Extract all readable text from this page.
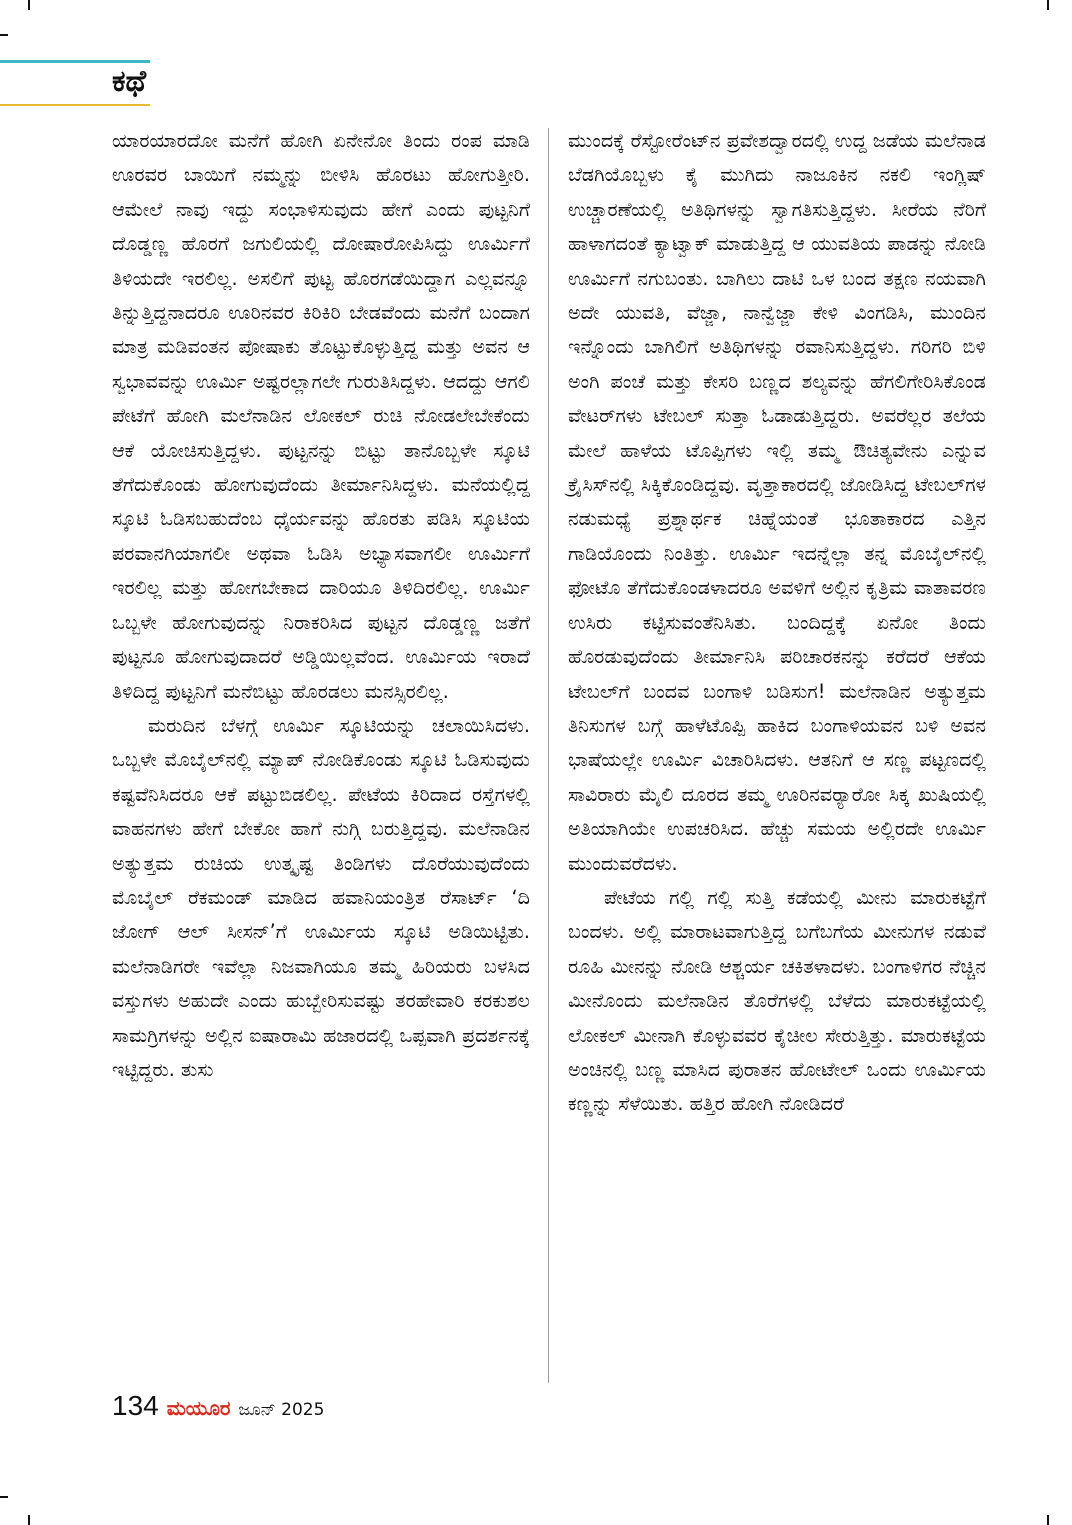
ಕಥೆ

ಯಾರಯಾರದೋ ಮನೆಗೆ ಹೋಗಿ ಏನೇನೋ ತಿಂದು ರಂಪ ಮಾಡಿ ಊರವರ ಬಾಯಿಗೆ ನಮ್ಮನ್ನು ಬೀಳಿಸಿ ಹೊರಟು ಹೋಗುತ್ತೀರಿ. ಆಮೇಲೆ ನಾವು ಇದ್ದು ಸಂಭಾಳಿಸುವುದು ಹೇಗೆ ಎಂದು ಪುಟ್ಟನಿಗೆ ದೊಡ್ಡಣ್ಣ ಹೊರಗೆ ಜಗುಲಿಯಲ್ಲಿ ದೋಷಾರೋಪಿಸಿದ್ದು ಊರ್ಮಿಗೆ ತಿಳಿಯದೇ ಇರಲಿಲ್ಲ. ಅಸಲಿಗೆ ಪುಟ್ಟ ಹೊರಗಡೆಯಿದ್ದಾಗ ಎಲ್ಲವನ್ನೂ ತಿನ್ನುತ್ತಿದ್ದನಾದರೂ ಊರಿನವರ ಕಿರಿಕಿರಿ ಬೇಡವೆಂದು ಮನೆಗೆ ಬಂದಾಗ ಮಾತ್ರ ಮಡಿವಂತನ ಪೋಷಾಕು ತೊಟ್ಟುಕೊಳ್ಳುತ್ತಿದ್ದ ಮತ್ತು ಅವನ ಆ ಸ್ವಭಾವವನ್ನು ಊರ್ಮಿ ಅಷ್ಟರಲ್ಲಾಗಲೇ ಗುರುತಿಸಿದ್ದಳು. ಆದದ್ದು ಆಗಲಿ ಪೇಟೆಗೆ ಹೋಗಿ ಮಲೆನಾಡಿನ ಲೋಕಲ್ ರುಚಿ ನೋಡಲೇಬೇಕೆಂದು ಆಕೆ ಯೋಚಿಸುತ್ತಿದ್ದಳು. ಪುಟ್ಟನನ್ನು ಬಿಟ್ಟು ತಾನೊಬ್ಬಳೇ ಸ್ಕೂಟಿ ತೆಗೆದುಕೊಂಡು ಹೋಗುವುದೆಂದು ತೀರ್ಮಾನಿಸಿದ್ದಳು. ಮನೆಯಲ್ಲಿದ್ದ ಸ್ಕೂಟಿ ಓಡಿಸಬಹುದೆಂಬ ಧೈರ್ಯವನ್ನು ಹೊರತು ಪಡಿಸಿ ಸ್ಕೂಟಿಯ ಪರವಾನಗಿಯಾಗಲೀ ಅಥವಾ ಓಡಿಸಿ ಅಭ್ಯಾಸವಾಗಲೀ ಊರ್ಮಿಗೆ ಇರಲಿಲ್ಲ ಮತ್ತು ಹೋಗಬೇಕಾದ ದಾರಿಯೂ ತಿಳಿದಿರಲಿಲ್ಲ. ಊರ್ಮಿ ಒಬ್ಬಳೇ ಹೋಗುವುದನ್ನು ನಿರಾಕರಿಸಿದ ಪುಟ್ಟನ ದೊಡ್ಡಣ್ಣ ಜತೆಗೆ ಪುಟ್ಟನೂ ಹೋಗುವುದಾದರೆ ಅಡ್ಡಿಯಿಲ್ಲವೆಂದ. ಊರ್ಮಿಯ ಇರಾದೆ ತಿಳಿದಿದ್ದ ಪುಟ್ಟನಿಗೆ ಮನೆಬಿಟ್ಟು ಹೊರಡಲು ಮನಸ್ಸಿರಲಿಲ್ಲ.

ಮರುದಿನ ಬೆಳಗ್ಗೆ ಊರ್ಮಿ ಸ್ಕೂಟಿಯನ್ನು ಚಲಾಯಿಸಿದಳು. ಒಬ್ಬಳೇ ಮೊಬೈಲ್‌ನಲ್ಲಿ ಮ್ಯಾಪ್ ನೋಡಿಕೊಂಡು ಸ್ಕೂಟಿ ಓಡಿಸುವುದು ಕಷ್ಟವೆನಿಸಿದರೂ ಆಕೆ ಪಟ್ಟುಬಿಡಲಿಲ್ಲ. ಪೇಟೆಯ ಕಿರಿದಾದ ರಸ್ತೆಗಳಲ್ಲಿ ವಾಹನಗಳು ಹೇಗೆ ಬೇಕೋ ಹಾಗೆ ನುಗ್ಗಿ ಬರುತ್ತಿದ್ದವು. ಮಲೆನಾಡಿನ ಅತ್ಯುತ್ತಮ ರುಚಿಯ ಉತ್ಕೃಷ್ಟ ತಿಂಡಿಗಳು ದೊರೆಯುವುದೆಂದು ಮೊಬೈಲ್ ರೆಕಮಂಡ್ ಮಾಡಿದ ಹವಾನಿಯಂತ್ರಿತ ರೆಸಾರ್ಟ್ ‘ದಿ ಜೋಗ್ ಆಲ್ ಸೀಸನ್’ಗೆ ಊರ್ಮಿಯ ಸ್ಕೂಟಿ ಅಡಿಯಿಟ್ಟಿತು. ಮಲೆನಾಡಿಗರೇ ಇವೆಲ್ಲಾ ನಿಜವಾಗಿಯೂ ತಮ್ಮ ಹಿರಿಯರು ಬಳಸಿದ ವಸ್ತುಗಳು ಅಹುದೇ ಎಂದು ಹುಬ್ಬೇರಿಸುವಷ್ಟು ತರಹೇವಾರಿ ಕರಕುಶಲ ಸಾಮಗ್ರಿಗಳನ್ನು ಅಲ್ಲಿನ ಐಷಾರಾಮಿ ಹಜಾರದಲ್ಲಿ ಒಪ್ಪವಾಗಿ ಪ್ರದರ್ಶನಕ್ಕೆ ಇಟ್ಟಿದ್ದರು. ತುಸು

ಮುಂದಕ್ಕೆ ರೆಸ್ಟೋರೆಂಟ್‌ನ ಪ್ರವೇಶದ್ವಾರದಲ್ಲಿ ಉದ್ದ ಜಡೆಯ ಮಲೆನಾಡ ಬೆಡಗಿಯೊಬ್ಬಳು ಕೈ ಮುಗಿದು ನಾಜೂಕಿನ ನಕಲಿ ಇಂಗ್ಲಿಷ್ ಉಚ್ಚಾರಣೆಯಲ್ಲಿ ಅತಿಥಿಗಳನ್ನು ಸ್ವಾಗತಿಸುತ್ತಿದ್ದಳು. ಸೀರೆಯ ನೆರಿಗೆ ಹಾಳಾಗದಂತೆ ಕ್ಯಾಟ್ವಾಕ್ ಮಾಡುತ್ತಿದ್ದ ಆ ಯುವತಿಯ ಪಾಡನ್ನು ನೋಡಿ ಊರ್ಮಿಗೆ ನಗುಬಂತು. ಬಾಗಿಲು ದಾಟಿ ಒಳ ಬಂದ ತಕ್ಷಣ ನಯವಾಗಿ ಅದೇ ಯುವತಿ, ವೆಜ್ಜಾ, ನಾನ್ವೆಜ್ಜಾ ಕೇಳಿ ವಿಂಗಡಿಸಿ, ಮುಂದಿನ ಇನ್ನೊಂದು ಬಾಗಿಲಿಗೆ ಅತಿಥಿಗಳನ್ನು ರವಾನಿಸುತ್ತಿದ್ದಳು. ಗರಿಗರಿ ಬಿಳಿ ಅಂಗಿ ಪಂಚೆ ಮತ್ತು ಕೇಸರಿ ಬಣ್ಣದ ಶಲ್ಯವನ್ನು ಹೆಗಲಿಗೇರಿಸಿಕೊಂಡ ವೇಟರ್‌ಗಳು ಟೇಬಲ್ ಸುತ್ತಾ ಓಡಾಡುತ್ತಿದ್ದರು. ಅವರೆಲ್ಲರ ತಲೆಯ ಮೇಲೆ ಹಾಳೆಯ ಟೊಪ್ಪಿಗಳು ಇಲ್ಲಿ ತಮ್ಮ ಔಚಿತ್ಯವೇನು ಎನ್ನುವ ಕ್ರೈಸಿಸ್‌ನಲ್ಲಿ ಸಿಕ್ಕಿಕೊಂಡಿದ್ದವು. ವೃತ್ತಾಕಾರದಲ್ಲಿ ಜೋಡಿಸಿದ್ದ ಟೇಬಲ್‌ಗಳ ನಡುಮಧ್ಯೆ ಪ್ರಶ್ನಾರ್ಥಕ ಚಿಹ್ನೆಯಂತೆ ಭೂತಾಕಾರದ ಎತ್ತಿನ ಗಾಡಿಯೊಂದು ನಿಂತಿತ್ತು. ಊರ್ಮಿ ಇದನ್ನೆಲ್ಲಾ ತನ್ನ ಮೊಬೈಲ್‌ನಲ್ಲಿ ಫೋಟೊ ತೆಗೆದುಕೊಂಡಳಾದರೂ ಅವಳಿಗೆ ಅಲ್ಲಿನ ಕೃತ್ರಿಮ ವಾತಾವರಣ ಉಸಿರು ಕಟ್ಟಿಸುವಂತೆನಿಸಿತು. ಬಂದಿದ್ದಕ್ಕೆ ಏನೋ ತಿಂದು ಹೊರಡುವುದೆಂದು ತೀರ್ಮಾನಿಸಿ ಪರಿಚಾರಕನನ್ನು ಕರೆದರೆ ಆಕೆಯ ಟೇಬಲ್‌ಗೆ ಬಂದವ ಬಂಗಾಳಿ ಬಡಿಸುಗ! ಮಲೆನಾಡಿನ ಅತ್ಯುತ್ತಮ ತಿನಿಸುಗಳ ಬಗ್ಗೆ ಹಾಳೆಟೊಪ್ಪಿ ಹಾಕಿದ ಬಂಗಾಳಿಯವನ ಬಳಿ ಅವನ ಭಾಷೆಯಲ್ಲೇ ಊರ್ಮಿ ವಿಚಾರಿಸಿದಳು. ಆತನಿಗೆ ಆ ಸಣ್ಣ ಪಟ್ಟಣದಲ್ಲಿ ಸಾವಿರಾರು ಮೈಲಿ ದೂರದ ತಮ್ಮ ಊರಿನವರ್‍ಯಾರೋ ಸಿಕ್ಕ ಖುಷಿಯಲ್ಲಿ ಅತಿಯಾಗಿಯೇ ಉಪಚರಿಸಿದ. ಹೆಚ್ಚು ಸಮಯ ಅಲ್ಲಿರದೇ ಊರ್ಮಿ ಮುಂದುವರೆದಳು.

ಪೇಟೆಯ ಗಲ್ಲಿ ಗಲ್ಲಿ ಸುತ್ತಿ ಕಡೆಯಲ್ಲಿ ಮೀನು ಮಾರುಕಟ್ಟೆಗೆ ಬಂದಳು. ಅಲ್ಲಿ ಮಾರಾಟವಾಗುತ್ತಿದ್ದ ಬಗೆಬಗೆಯ ಮೀನುಗಳ ನಡುವೆ ರೂಹಿ ಮೀನನ್ನು ನೋಡಿ ಆಶ್ಚರ್ಯ ಚಕಿತಳಾದಳು. ಬಂಗಾಳಿಗರ ನೆಚ್ಚಿನ ಮೀನೊಂದು ಮಲೆನಾಡಿನ ತೊರೆಗಳಲ್ಲಿ ಬೆಳೆದು ಮಾರುಕಟ್ಟೆಯಲ್ಲಿ ಲೋಕಲ್ ಮೀನಾಗಿ ಕೊಳ್ಳುವವರ ಕೈಚೀಲ ಸೇರುತ್ತಿತ್ತು. ಮಾರುಕಟ್ಟೆಯ ಅಂಚಿನಲ್ಲಿ ಬಣ್ಣ ಮಾಸಿದ ಪುರಾತನ ಹೋಟೇಲ್ ಒಂದು ಊರ್ಮಿಯ ಕಣ್ಣನ್ನು ಸೆಳೆಯಿತು. ಹತ್ತಿರ ಹೋಗಿ ನೋಡಿದರೆ

134 ಮಯೂರ ಜೂನ್ 2025
